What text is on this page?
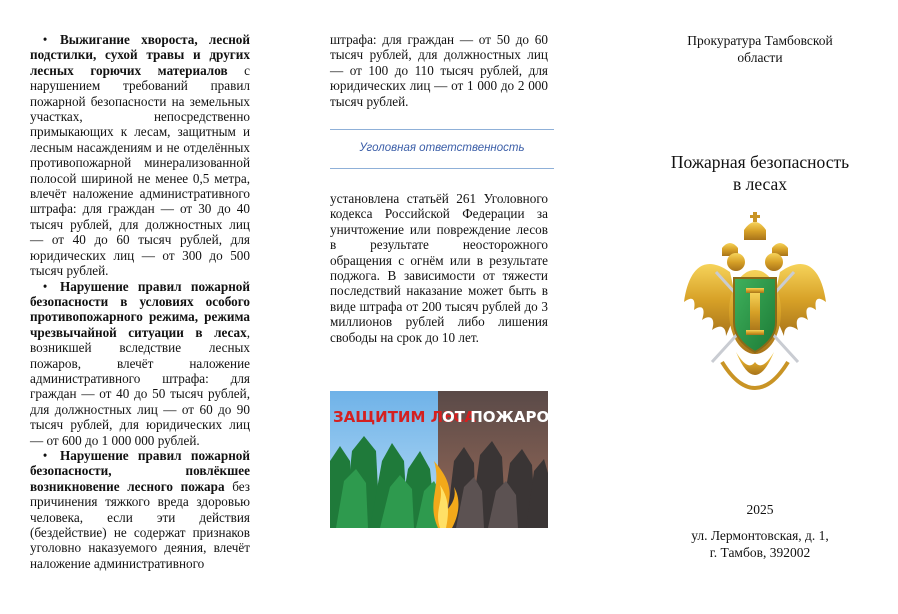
• Выжигание хвороста, лесной подстилки, сухой травы и других лесных горючих материалов с нарушением требований правил пожарной безопасности на земельных участках, непосредственно примыкающих к лесам, защитным и лесным насаждениям и не отделённых противопожарной минерализованной полосой шириной не менее 0,5 метра, влечёт наложение административного штрафа: для граждан — от 30 до 40 тысяч рублей, для должностных лиц — от 40 до 60 тысяч рублей, для юридических лиц — от 300 до 500 тысяч рублей.

• Нарушение правил пожарной безопасности в условиях особого противопожарного режима, режима чрезвычайной ситуации в лесах, возникшей вследствие лесных пожаров, влечёт наложение административного штрафа: для граждан — от 40 до 50 тысяч рублей, для должностных лиц — от 60 до 90 тысяч рублей, для юридических лиц — от 600 до 1 000 000 рублей.

• Нарушение правил пожарной безопасности, повлёкшее возникновение лесного пожара без причинения тяжкого вреда здоровью человека, если эти действия (бездействие) не содержат признаков уголовно наказуемого деяния, влечёт наложение административного

штрафа: для граждан — от 50 до 60 тысяч рублей, для должностных лиц — от 100 до 110 тысяч рублей, для юридических лиц — от 1 000 до 2 000 тысяч рублей.

Уголовная ответственность

установлена статьёй 261 Уголовного кодекса Российской Федерации за уничтожение или повреждение лесов в результате неосторожного обращения с огнём или в результате поджога. В зависимости от тяжести последствий наказание может быть в виде штрафа от 200 тысяч рублей до 3 миллионов рублей либо лишения свободы на срок до 10 лет.

ЗАЩИТИМ ЛЕСА
ОТ ПОЖАРОВ!
Прокуратура Тамбовской
области
Пожарная безопасность
в лесах
2025
ул. Лермонтовская, д. 1,
г. Тамбов, 392002
